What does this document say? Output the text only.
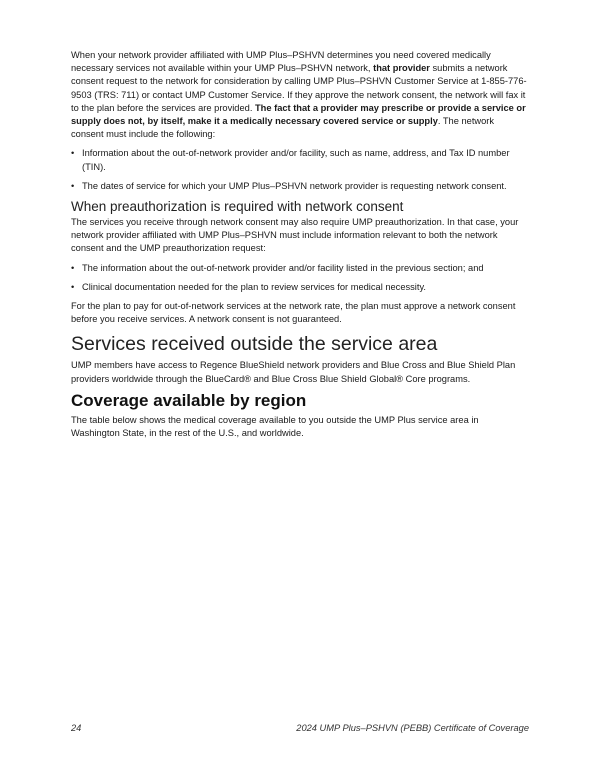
When your network provider affiliated with UMP Plus–PSHVN determines you need covered medically necessary services not available within your UMP Plus–PSHVN network, that provider submits a network consent request to the network for consideration by calling UMP Plus–PSHVN Customer Service at 1-855-776-9503 (TRS: 711) or contact UMP Customer Service. If they approve the network consent, the network will fax it to the plan before the services are provided. The fact that a provider may prescribe or provide a service or supply does not, by itself, make it a medically necessary covered service or supply. The network consent must include the following:

• Information about the out-of-network provider and/or facility, such as name, address, and Tax ID number (TIN).
• The dates of service for which your UMP Plus–PSHVN network provider is requesting network consent.
When preauthorization is required with network consent

The services you receive through network consent may also require UMP preauthorization. In that case, your network provider affiliated with UMP Plus–PSHVN must include information relevant to both the network consent and the UMP preauthorization request:

• The information about the out-of-network provider and/or facility listed in the previous section; and
• Clinical documentation needed for the plan to review services for medical necessity.

For the plan to pay for out-of-network services at the network rate, the plan must approve a network consent before you receive services. A network consent is not guaranteed.

Services received outside the service area

UMP members have access to Regence BlueShield network providers and Blue Cross and Blue Shield Plan providers worldwide through the BlueCard® and Blue Cross Blue Shield Global® Core programs.

Coverage available by region

The table below shows the medical coverage available to you outside the UMP Plus service area in Washington State, in the rest of the U.S., and worldwide.

24	2024 UMP Plus–PSHVN (PEBB) Certificate of Coverage
